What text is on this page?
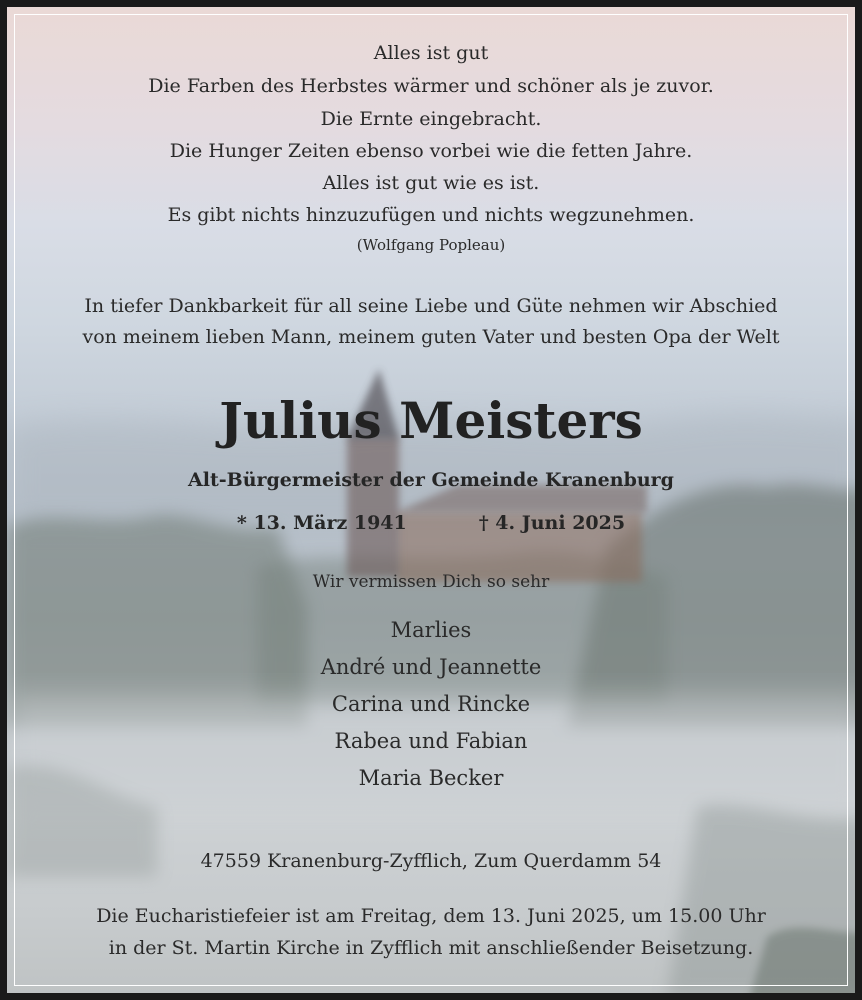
Alles ist gut
Die Farben des Herbstes wärmer und schöner als je zuvor.
Die Ernte eingebracht.
Die Hunger Zeiten ebenso vorbei wie die fetten Jahre.
Alles ist gut wie es ist.
Es gibt nichts hinzuzufügen und nichts wegzunehmen.
(Wolfgang Popleau)
In tiefer Dankbarkeit für all seine Liebe und Güte nehmen wir Abschied
von meinem lieben Mann, meinem guten Vater und besten Opa der Welt
Julius Meisters
Alt-Bürgermeister der Gemeinde Kranenburg
* 13. März 1941	† 4. Juni 2025
Wir vermissen Dich so sehr
Marlies
André und Jeannette
Carina und Rincke
Rabea und Fabian
Maria Becker
47559 Kranenburg-Zyfflich, Zum Querdamm 54
Die Eucharistiefeier ist am Freitag, dem 13. Juni 2025, um 15.00 Uhr
in der St. Martin Kirche in Zyfflich mit anschließender Beisetzung.
